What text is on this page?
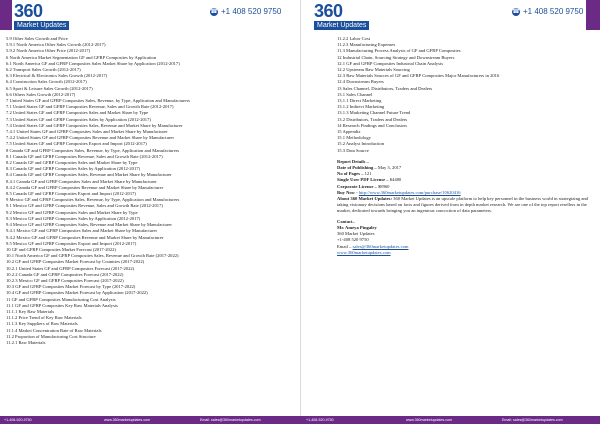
360
Market Updates
☎ +1 408 520 9750 360
Market Updates
☎ +1 408 520 9750
5.9 Other Sales Growth and Price
5.9.1 North America Other Sales Growth (2012-2017)
5.9.2 North America Other Price (2012-2017)
6 North America Market Segmentation GF and GFRP Composites by Application
6.1 North America GF and GFRP Composites Sales Market Share by Application (2012-2017)
6.2 Transport Sales Growth (2012-2017)
6.3 Electrical & Electronics Sales Growth (2012-2017)
6.4 Construction Sales Growth (2012-2017)
6.5 Sport & Leisure Sales Growth (2012-2017)
6.6 Others Sales Growth (2012-2017)
7 United States GF and GFRP Composites Sales, Revenue, by Type, Application and Manufacturers
7.1 United States GF and GFRP Composites Revenue, Sales and Growth Rate (2012-2017)
7.2 United States GF and GFRP Composites Sales and Market Share by Type
7.3 United States GF and GFRP Composites Sales by Application (2012-2017)
7.4 United States GF and GFRP Composites Sales, Revenue and Market Share by Manufacturer
7.4.1 United States GF and GFRP Composites Sales and Market Share by Manufacturer
7.4.2 United States GF and GFRP Composites Revenue and Market Share by Manufacturer
7.5 United States GF and GFRP Composites Export and Import (2012-2017)
8 Canada GF and GFRP Composites Sales, Revenue, by Type, Application and Manufacturers
8.1 Canada GF and GFRP Composites Revenue, Sales and Growth Rate (2012-2017)
8.2 Canada GF and GFRP Composites Sales and Market Share by Type
8.3 Canada GF and GFRP Composites Sales by Application (2012-2017)
8.4 Canada GF and GFRP Composites Sales, Revenue and Market Share by Manufacturer
8.4.1 Canada GF and GFRP Composites Sales and Market Share by Manufacturer
8.4.2 Canada GF and GFRP Composites Revenue and Market Share by Manufacturer
8.5 Canada GF and GFRP Composites Export and Import (2012-2017)
9 Mexico GF and GFRP Composites Sales, Revenue, by Type, Application and Manufacturers
9.1 Mexico GF and GFRP Composites Revenue, Sales and Growth Rate (2012-2017)
9.2 Mexico GF and GFRP Composites Sales and Market Share by Type
9.3 Mexico GF and GFRP Composites Sales by Application (2012-2017)
9.4 Mexico GF and GFRP Composites Sales, Revenue and Market Share by Manufacturer
9.4.1 Mexico GF and GFRP Composites Sales and Market Share by Manufacturer
9.4.2 Mexico GF and GFRP Composites Revenue and Market Share by Manufacturer
9.5 Mexico GF and GFRP Composites Export and Import (2012-2017)
10 GF and GFRP Composites Market Forecast (2017-2022)
10.1 North America GF and GFRP Composites Sales, Revenue and Growth Rate (2017-2022)
10.2 GF and GFRP Composites Market Forecast by Countries (2017-2022)
10.2.1 United States GF and GFRP Composites Forecast (2017-2022)
10.2.2 Canada GF and GFRP Composites Forecast (2017-2022)
10.2.3 Mexico GF and GFRP Composites Forecast (2017-2022)
10.3 GF and GFRP Composites Market Forecast by Type (2017-2022)
10.4 GF and GFRP Composites Market Forecast by Application (2017-2022)
11 GF and GFRP Composites Manufacturing Cost Analysis
11.1 GF and GFRP Composites Key Raw Materials Analysis
11.1.1 Key Raw Materials
11.1.2 Price Trend of Key Raw Materials
11.1.3 Key Suppliers of Raw Materials
11.1.4 Market Concentration Rate of Raw Materials
11.2 Proportion of Manufacturing Cost Structure
11.2.1 Raw Materials
11.2.2 Labor Cost
11.2.3 Manufacturing Expenses
11.3 Manufacturing Process Analysis of GF and GFRP Composites
12 Industrial Chain, Sourcing Strategy and Downstream Buyers
12.1 GF and GFRP Composites Industrial Chain Analysis
12.2 Upstream Raw Materials Sourcing
12.3 Raw Materials Sources of GF and GFRP Composites Major Manufacturers in 2016
12.4 Downstream Buyers
13 Sales Channel, Distributors, Traders and Dealers
13.1 Sales Channel
13.1.1 Direct Marketing
13.1.2 Indirect Marketing
13.1.3 Marketing Channel Future Trend
13.2 Distributors, Traders and Dealers
14 Research Findings and Conclusion
15 Appendix
15.1 Methodology
15.2 Analyst Introduction
15.3 Data Source
Report Details –
Date of Publishing – May 3, 2017
No of Pages – 121
Single User PDF License – $4480
Corporate License – $8960
Buy Now - http://www.360marketupdates.com/purchase/10620416
About 360 Market Updates: 360 Market Updates is an upscale platform to help key personnel in the business world in strategizing and taking visionary decisions based on facts and figures derived from in depth market research. We are one of the top report resellers in the market, dedicated towards bringing you an ingenious concoction of data parameters.
Contact–
Mr. Ameya Pingaley
360 Market Updates
+1-408 520 9750
Email – sales@360marketupdates.com
www.360marketupdates.com
+1-408-520-9750	www.360marketupdates.com	Email: sales@360marketupdates.com	+1-408-520-9750	www.360marketupdates.com	Email: sales@360marketupdates.com
